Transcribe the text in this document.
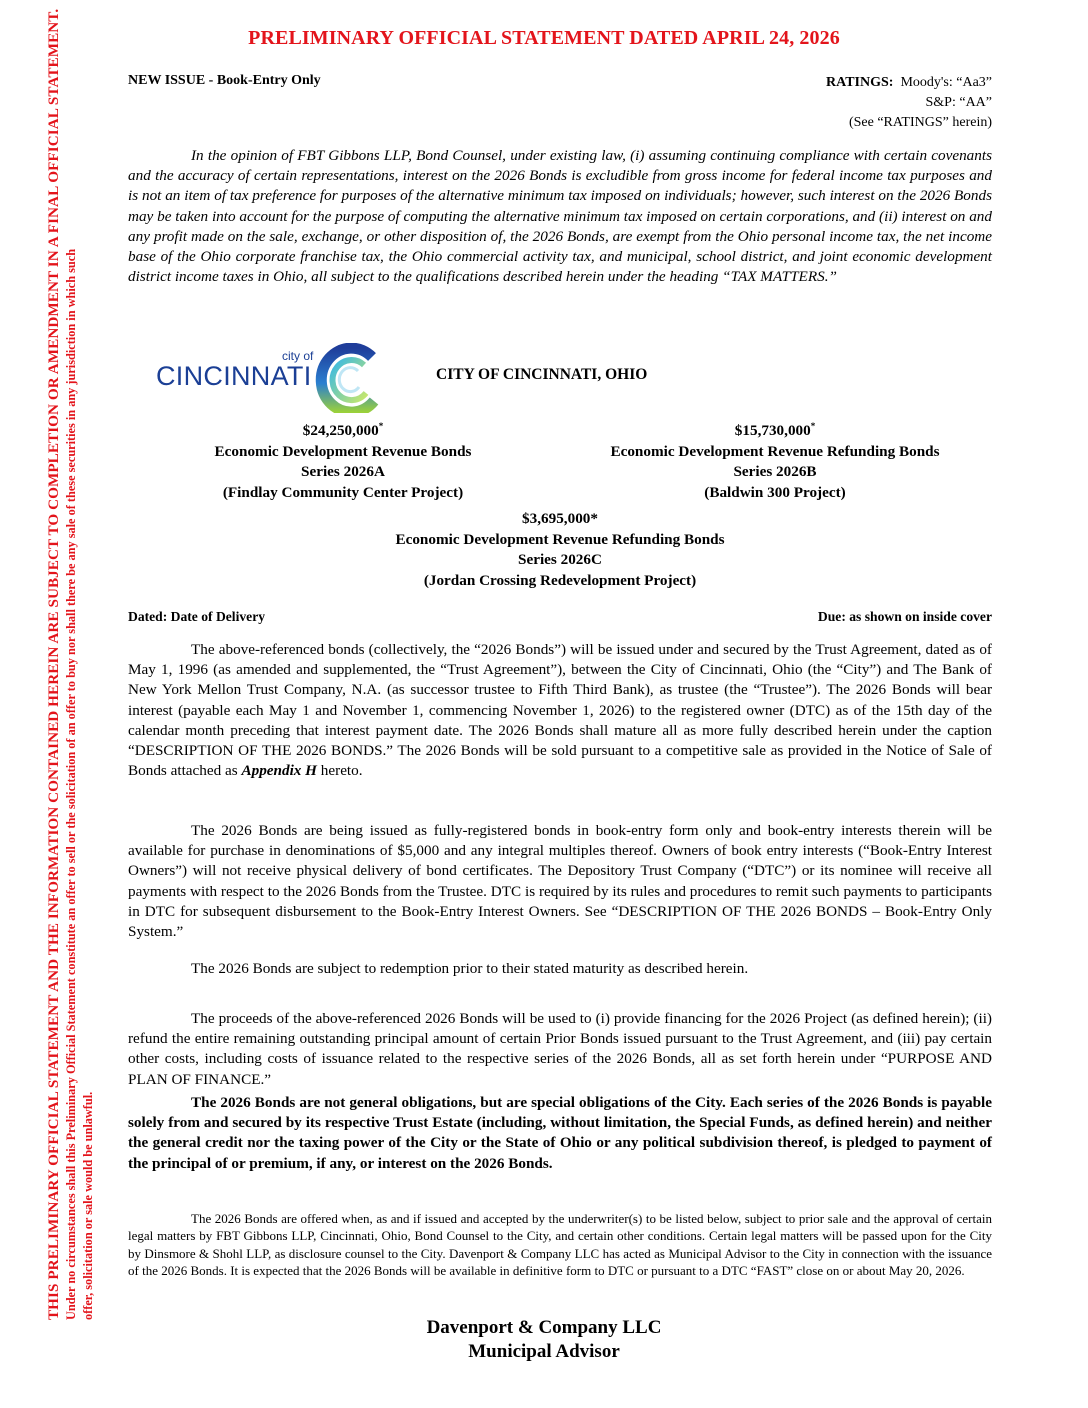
THIS PRELIMINARY OFFICIAL STATEMENT AND THE INFORMATION CONTAINED HEREIN ARE SUBJECT TO COMPLETION OR AMENDMENT IN A FINAL OFFICIAL STATEMENT. Under no circumstances shall this Preliminary Official Statement constitute an offer to sell or the solicitation of an offer to buy nor shall there be any sale of these securities in any jurisdiction in which such offer, solicitation or sale would be unlawful.
PRELIMINARY OFFICIAL STATEMENT DATED APRIL 24, 2026
NEW ISSUE - Book-Entry Only	RATINGS: Moody's: “Aa3”
S&P: “AA”
(See “RATINGS” herein)

In the opinion of FBT Gibbons LLP, Bond Counsel, under existing law, (i) assuming continuing compliance with certain covenants and the accuracy of certain representations, interest on the 2026 Bonds is excludible from gross income for federal income tax purposes and is not an item of tax preference for purposes of the alternative minimum tax imposed on individuals; however, such interest on the 2026 Bonds may be taken into account for the purpose of computing the alternative minimum tax imposed on certain corporations, and (ii) interest on and any profit made on the sale, exchange, or other disposition of, the 2026 Bonds, are exempt from the Ohio personal income tax, the net income base of the Ohio corporate franchise tax, the Ohio commercial activity tax, and municipal, school district, and joint economic development district income taxes in Ohio, all subject to the qualifications described herein under the heading “TAX MATTERS.”

city of
CINCINNATI	CITY OF CINCINNATI, OHIO
$24,250,000*
Economic Development Revenue Bonds
Series 2026A
(Findlay Community Center Project)
$15,730,000*
Economic Development Revenue Refunding Bonds
Series 2026B
(Baldwin 300 Project)
$3,695,000*
Economic Development Revenue Refunding Bonds
Series 2026C
(Jordan Crossing Redevelopment Project)
Dated: Date of Delivery	Due: as shown on inside cover

The above-referenced bonds (collectively, the “2026 Bonds”) will be issued under and secured by the Trust Agreement, dated as of May 1, 1996 (as amended and supplemented, the “Trust Agreement”), between the City of Cincinnati, Ohio (the “City”) and The Bank of New York Mellon Trust Company, N.A. (as successor trustee to Fifth Third Bank), as trustee (the “Trustee”). The 2026 Bonds will bear interest (payable each May 1 and November 1, commencing November 1, 2026) to the registered owner (DTC) as of the 15th day of the calendar month preceding that interest payment date. The 2026 Bonds shall mature all as more fully described herein under the caption “DESCRIPTION OF THE 2026 BONDS.” The 2026 Bonds will be sold pursuant to a competitive sale as provided in the Notice of Sale of Bonds attached as Appendix H hereto.

The 2026 Bonds are being issued as fully-registered bonds in book-entry form only and book-entry interests therein will be available for purchase in denominations of $5,000 and any integral multiples thereof. Owners of book entry interests (“Book-Entry Interest Owners”) will not receive physical delivery of bond certificates. The Depository Trust Company (“DTC”) or its nominee will receive all payments with respect to the 2026 Bonds from the Trustee. DTC is required by its rules and procedures to remit such payments to participants in DTC for subsequent disbursement to the Book-Entry Interest Owners. See “DESCRIPTION OF THE 2026 BONDS – Book-Entry Only System.”

The 2026 Bonds are subject to redemption prior to their stated maturity as described herein.

The proceeds of the above-referenced 2026 Bonds will be used to (i) provide financing for the 2026 Project (as defined herein); (ii) refund the entire remaining outstanding principal amount of certain Prior Bonds issued pursuant to the Trust Agreement, and (iii) pay certain other costs, including costs of issuance related to the respective series of the 2026 Bonds, all as set forth herein under “PURPOSE AND PLAN OF FINANCE.”

The 2026 Bonds are not general obligations, but are special obligations of the City. Each series of the 2026 Bonds is payable solely from and secured by its respective Trust Estate (including, without limitation, the Special Funds, as defined herein) and neither the general credit nor the taxing power of the City or the State of Ohio or any political subdivision thereof, is pledged to payment of the principal of or premium, if any, or interest on the 2026 Bonds.

The 2026 Bonds are offered when, as and if issued and accepted by the underwriter(s) to be listed below, subject to prior sale and the approval of certain legal matters by FBT Gibbons LLP, Cincinnati, Ohio, Bond Counsel to the City, and certain other conditions. Certain legal matters will be passed upon for the City by Dinsmore & Shohl LLP, as disclosure counsel to the City. Davenport & Company LLC has acted as Municipal Advisor to the City in connection with the issuance of the 2026 Bonds. It is expected that the 2026 Bonds will be available in definitive form to DTC or pursuant to a DTC “FAST” close on or about May 20, 2026.

Davenport & Company LLC
Municipal Advisor
